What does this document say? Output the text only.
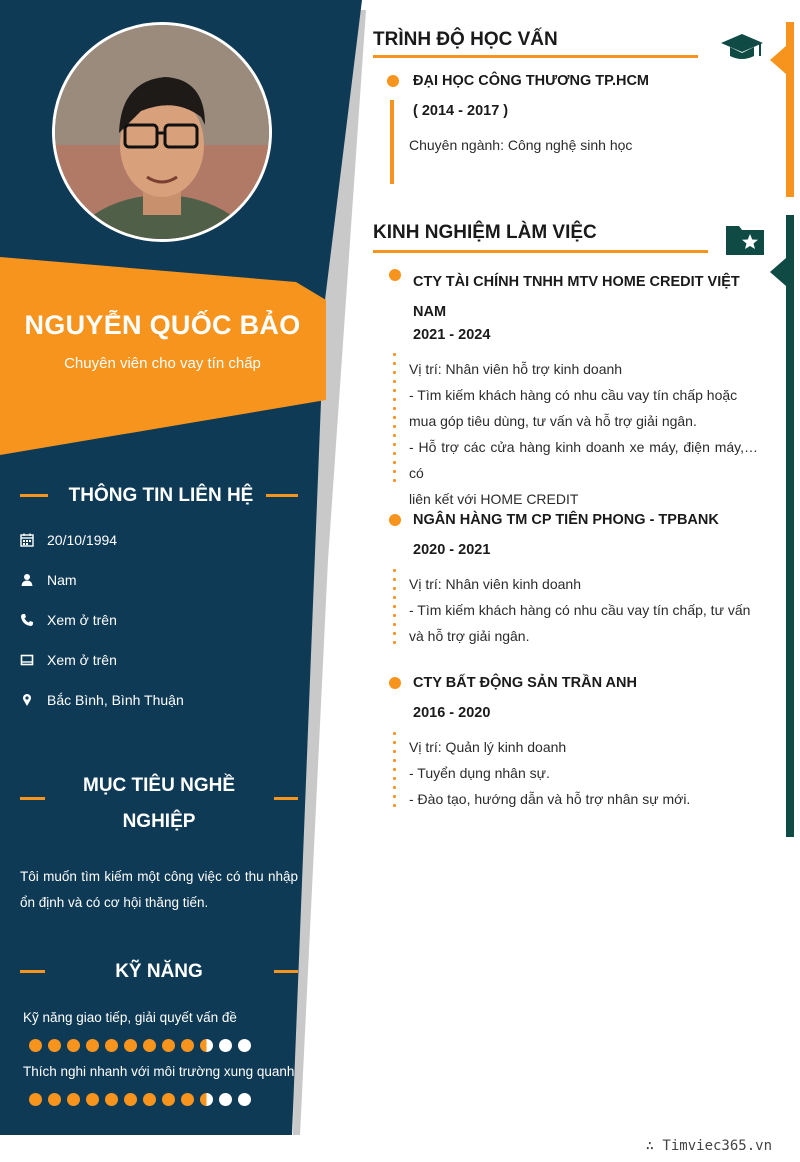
NGUYỄN QUỐC BẢO
Chuyên viên cho vay tín chấp
THÔNG TIN LIÊN HỆ
20/10/1994
Nam
Xem ở trên
Xem ở trên
Bắc Bình, Bình Thuận
MỤC TIÊU NGHỀ
NGHIỆP
Tôi muốn tìm kiếm một công việc có thu nhập ổn định và có cơ hội thăng tiến.
KỸ NĂNG
Kỹ năng giao tiếp, giải quyết vấn đề
Thích nghi nhanh với môi trường xung quanh
TRÌNH ĐỘ HỌC VẤN
ĐẠI HỌC CÔNG THƯƠNG TP.HCM
( 2014 - 2017 )
Chuyên ngành: Công nghệ sinh học
KINH NGHIỆM LÀM VIỆC
CTY TÀI CHÍNH TNHH MTV HOME CREDIT VIỆT
NAM
2021 - 2024
Vị trí: Nhân viên hỗ trợ kinh doanh
- Tìm kiếm khách hàng có nhu cầu vay tín chấp hoặc
mua góp tiêu dùng, tư vấn và hỗ trợ giải ngân.
- Hỗ trợ các cửa hàng kinh doanh xe máy, điện máy,… có
liên kết với HOME CREDIT
NGÂN HÀNG TM CP TIÊN PHONG - TPBANK
2020 - 2021
Vị trí: Nhân viên kinh doanh
- Tìm kiếm khách hàng có nhu cầu vay tín chấp, tư vấn
và hỗ trợ giải ngân.
CTY BẤT ĐỘNG SẢN TRẦN ANH
2016 - 2020
Vị trí: Quản lý kinh doanh
- Tuyển dụng nhân sự.
- Đào tạo, hướng dẫn và hỗ trợ nhân sự mới.
∴ Timviec365.vn
